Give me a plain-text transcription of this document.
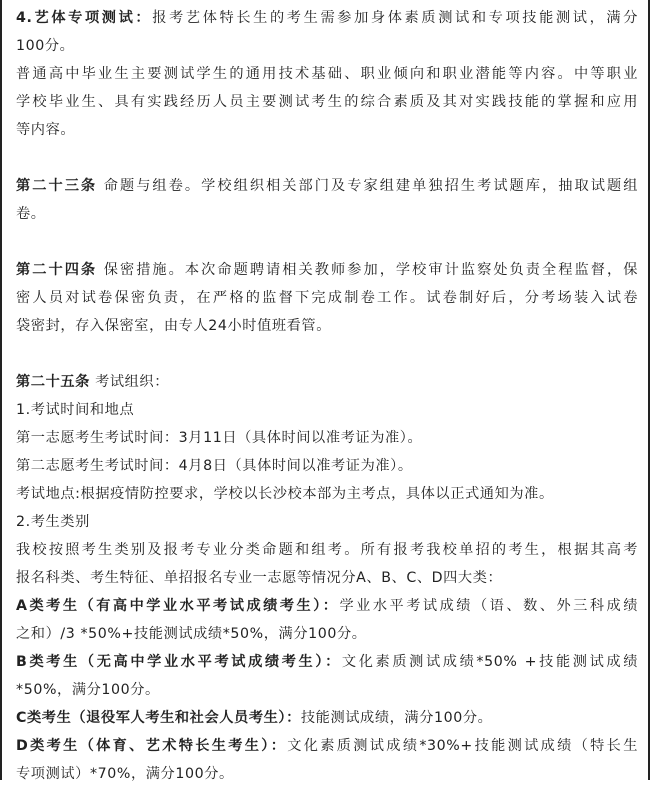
4.艺体专项测试：报考艺体特长生的考生需参加身体素质测试和专项技能测试，满分
100分。
普通高中毕业生主要测试学生的通用技术基础、职业倾向和职业潜能等内容。中等职业
学校毕业生、具有实践经历人员主要测试考生的综合素质及其对实践技能的掌握和应用
等内容。
第二十三条 命题与组卷。学校组织相关部门及专家组建单独招生考试题库，抽取试题组
卷。
第二十四条 保密措施。本次命题聘请相关教师参加，学校审计监察处负责全程监督，保
密人员对试卷保密负责，在严格的监督下完成制卷工作。试卷制好后，分考场装入试卷
袋密封，存入保密室，由专人24小时值班看管。
第二十五条 考试组织：
1.考试时间和地点
第一志愿考生考试时间：3月11日（具体时间以准考证为准）。
第二志愿考生考试时间：4月8日（具体时间以准考证为准）。
考试地点:根据疫情防控要求，学校以长沙校本部为主考点，具体以正式通知为准。
2.考生类别
我校按照考生类别及报考专业分类命题和组考。所有报考我校单招的考生，根据其高考
报名科类、考生特征、单招报名专业一志愿等情况分A、B、C、D四大类：
A类考生（有高中学业水平考试成绩考生）：学业水平考试成绩（语、数、外三科成绩
之和）/3 *50%+技能测试成绩*50%，满分100分。
B类考生（无高中学业水平考试成绩考生）：文化素质测试成绩*50% +技能测试成绩
*50%，满分100分。
C类考生（退役军人考生和社会人员考生）：技能测试成绩，满分100分。
D类考生（体育、艺术特长生考生）：文化素质测试成绩*30%+技能测试成绩（特长生
专项测试）*70%，满分100分。
